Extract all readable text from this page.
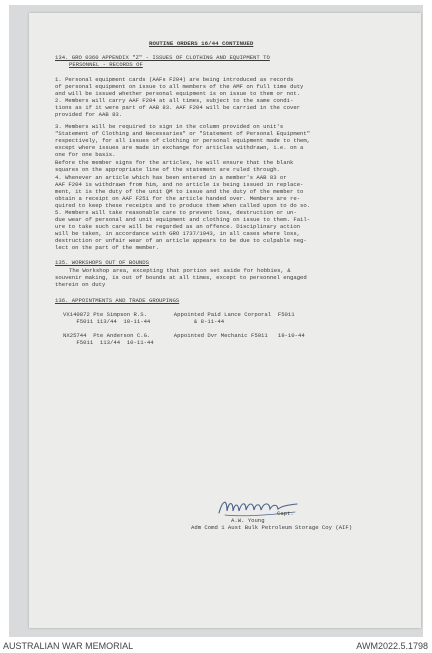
ROUTINE ORDERS 16/44 CONTINUED

134. GRO 0360 APPENDIX "Z" - ISSUES OF CLOTHING AND EQUIPMENT TO

PERSONNEL - RECORDS OF

1. Personal equipment cards (AAFs F204) are being introduced as records

of personal equipment on issue to all members of the AMF on full time duty

and will be issued whether personal equipment is on issue to them or not.

2. Members will carry AAF F204 at all times, subject to the same condi-

tions as if it were part of AAB 83. AAF F204 will be carried in the cover

provided for AAB 83.

3. Members will be required to sign in the column provided on unit's

"Statement of Clothing and Necessaries" or "Statement of Personal Equipment"

respectively, for all issues of clothing or personal equipment made to them,

except where issues are made in exchange for articles withdrawn, i.e. on a

one for one basis.

Before the member signs for the articles, he will ensure that the blank

squares on the appropriate line of the statement are ruled through.

4. Whenever an article which has been entered in a member's AAB 83 or

AAF F204 is withdrawn from him, and no article is being issued in replace-

ment, it is the duty of the unit QM to issue and the duty of the member to

obtain a receipt on AAF F251 for the article handed over. Members are re-

quired to keep these receipts and to produce them when called upon to do so.

5. Members will take reasonable care to prevent loss, destruction or un-

due wear of personal and unit equipment and clothing on issue to them. Fail-

ure to take such care will be regarded as an offence. Disciplinary action

will be taken, in accordance with GRO 1737/1943, in all cases where loss,

destruction or unfair wear of an article appears to be due to culpable neg-

lect on the part of the member.

135. WORKSHOPS OUT OF BOUNDS

The Workshop area, excepting that portion set aside for hobbies, &

souvenir making, is out of bounds at all times, except to personnel engaged

therein on duty

136. APPOINTMENTS AND TRADE GROUPINGS

VX140872 Pte Simpson R.S.        Appointed Paid Lance Corporal  F5011

F5011 113/44  10-11-44             & 8-11-44

NX25744  Pte Anderson C.G.       Appointed Dvr Mechanic F5011   19-10-44

F5011  113/44  10-11-44

Capt.

A.W. Young

Adm Comd 1 Aust Bulk Petroleum Storage Coy (AIF)

AUSTRALIAN WAR MEMORIAL	AWM2022.5.1798
